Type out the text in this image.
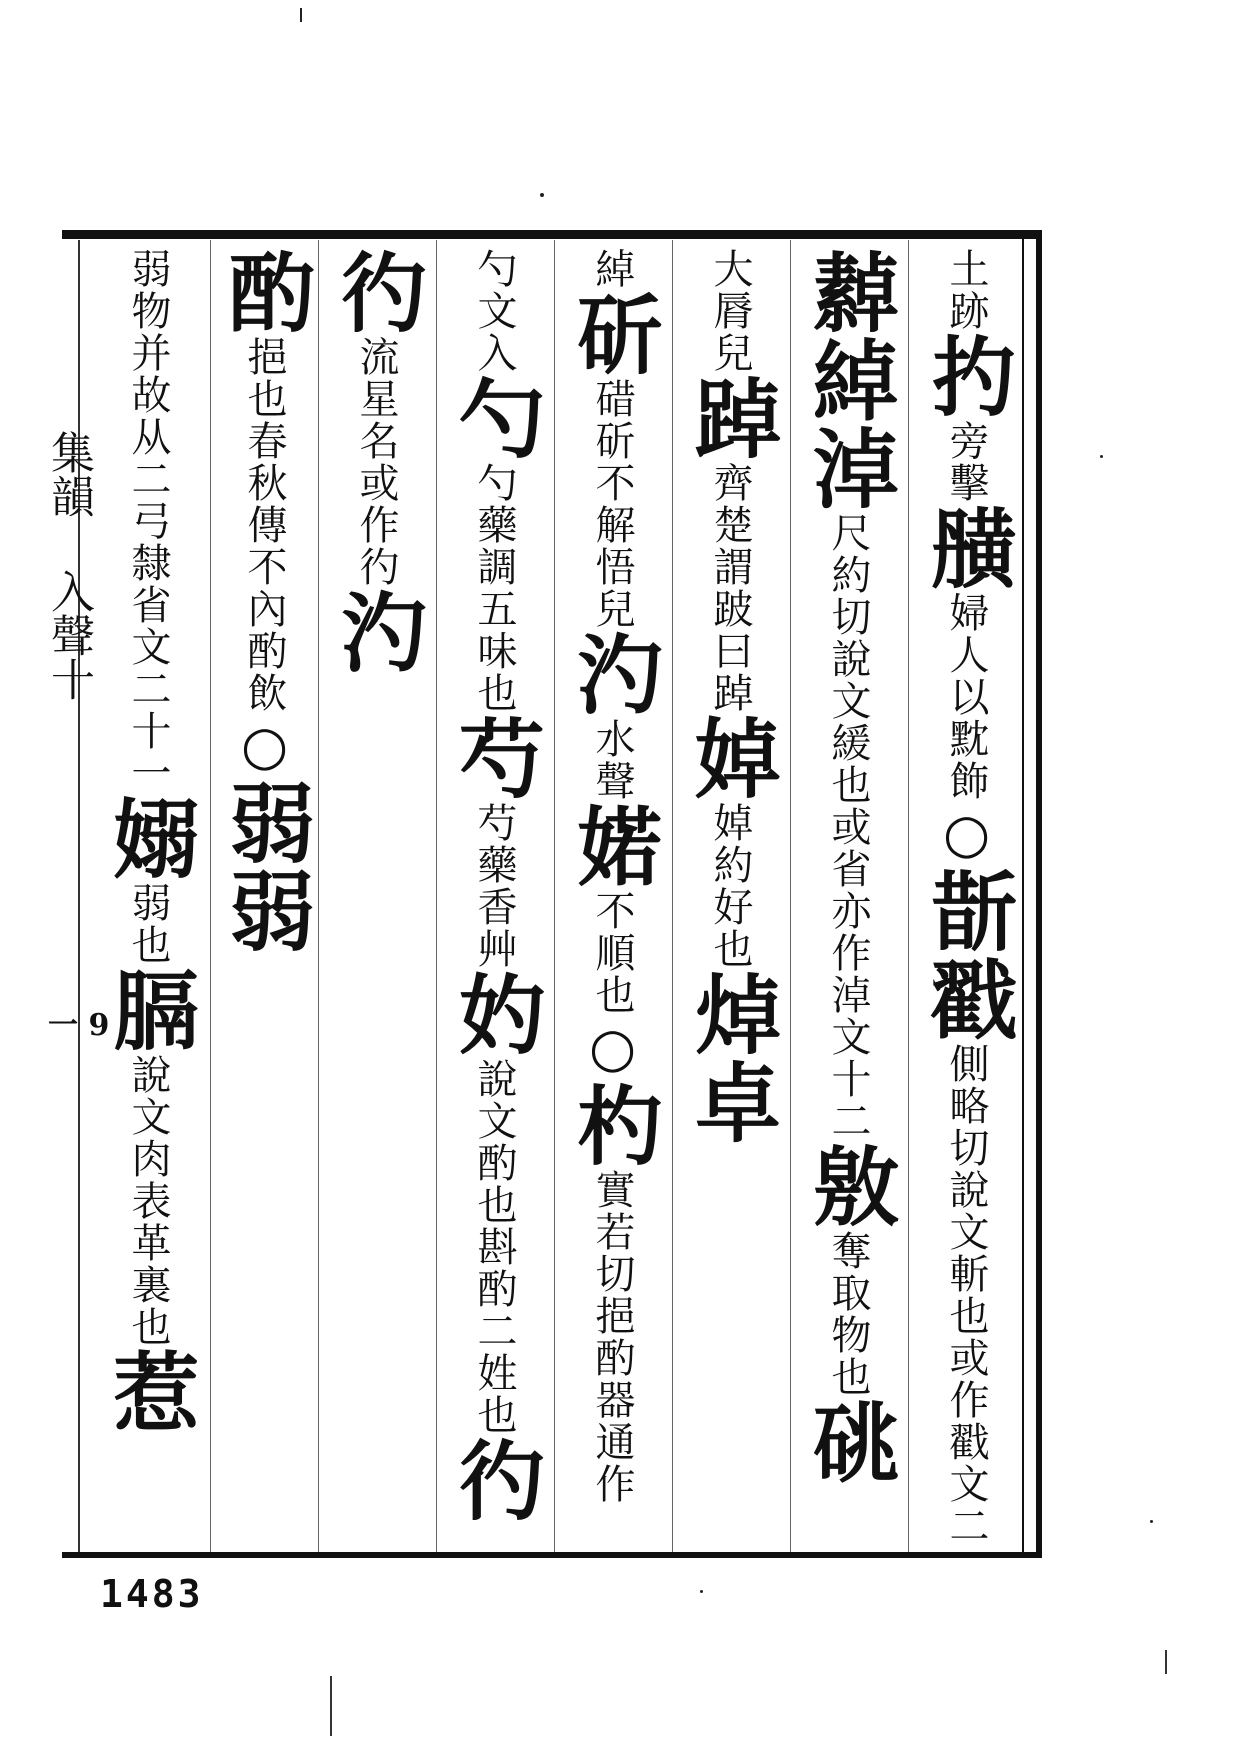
集韻 入聲十
一 9
土跡扚旁擊䵊婦人以黕飾○斮戳側略切說文斬也或作戳文二
繛綽淖尺約切說文緩也或省亦作淖文十二敫奪取物也䂪
大脣兒踔齊楚謂跛曰踔婥婥約好也焯卓
綽斫碏斫不解悟兒汋水聲婼不順也○杓實若切挹酌器通作
勺文入勺勺藥調五味也芍芍藥香艸妁說文酌也斟酌二姓也彴
彴流星名或作彴汋
酌挹也春秋傳不內酌飲○弱弱
弱物并故从二弓隸省文二十一嫋弱也膈說文肉表革裏也惹
1483
